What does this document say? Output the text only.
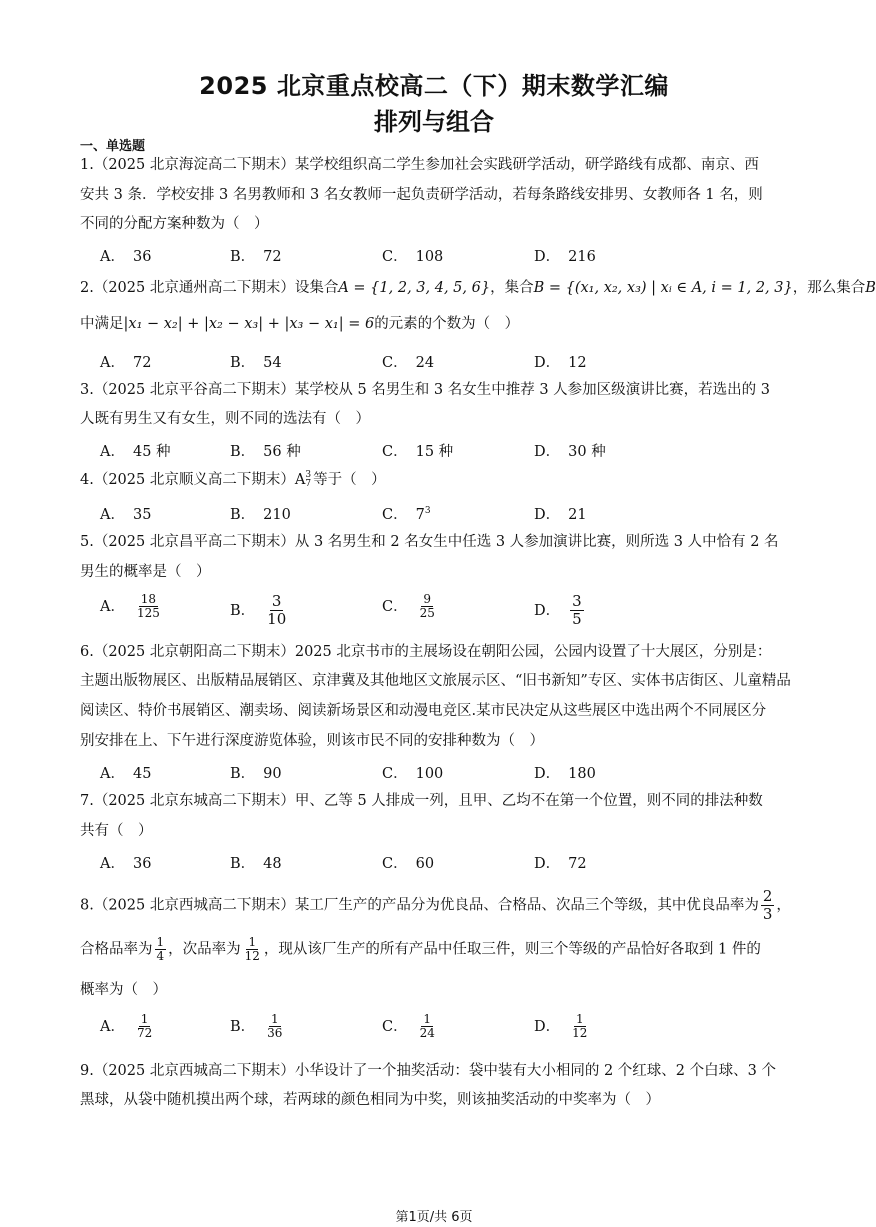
2025 北京重点校高二（下）期末数学汇编
排列与组合
一、单选题
1.（2025 北京海淀高二下期末）某学校组织高二学生参加社会实践研学活动，研学路线有成都、南京、西
安共 3 条．学校安排 3 名男教师和 3 名女教师一起负责研学活动，若每条路线安排男、女教师各 1 名，则
不同的分配方案种数为（　）
A． 36	B． 72	C． 108	D． 216
2.（2025 北京通州高二下期末）设集合A = {1, 2, 3, 4, 5, 6}，集合B = {(x₁, x₂, x₃) | xᵢ ∈ A, i = 1, 2, 3}，那么集合B
中满足|x₁ − x₂| + |x₂ − x₃| + |x₃ − x₁| = 6的元素的个数为（　）
A． 72	B． 54	C． 24	D． 12
3.（2025 北京平谷高二下期末）某学校从 5 名男生和 3 名女生中推荐 3 人参加区级演讲比赛，若选出的 3
人既有男生又有女生，则不同的选法有（　）
A． 45 种	B． 56 种	C． 15 种	D． 30 种
4.（2025 北京顺义高二下期末）A 3
7 等于（　）
A． 35	B． 210	C． $7^3$	D． 21
5.（2025 北京昌平高二下期末）从 3 名男生和 2 名女生中任选 3 人参加演讲比赛，则所选 3 人中恰有 2 名
男生的概率是（　）
A． $\frac{18}{125}$	B． $\frac{3}{10}$	C． $\frac{9}{25}$	D． $\frac{3}{5}$
6.（2025 北京朝阳高二下期末）2025 北京书市的主展场设在朝阳公园，公园内设置了十大展区，分别是：
主题出版物展区、出版精品展销区、京津冀及其他地区文旅展示区、“旧书新知”专区、实体书店街区、儿童精品
阅读区、特价书展销区、潮卖场、阅读新场景区和动漫电竞区.某市民决定从这些展区中选出两个不同展区分
别安排在上、下午进行深度游览体验，则该市民不同的安排种数为（　）
A． 45	B． 90	C． 100	D． 180
7.（2025 北京东城高二下期末）甲、乙等 5 人排成一列，且甲、乙均不在第一个位置，则不同的排法种数
共有（　）
A． 36	B． 48	C． 60	D． 72
8.（2025 北京西城高二下期末）某工厂生产的产品分为优良品、合格品、次品三个等级，其中优良品率为 $\frac{2}{3}$ ，
合格品率为 $\frac{1}{4}$ ，次品率为 $\frac{1}{12}$ ，现从该厂生产的所有产品中任取三件，则三个等级的产品恰好各取到 1 件的
概率为（　）
A． $\frac{1}{72}$	B． $\frac{1}{36}$	C． $\frac{1}{24}$	D． $\frac{1}{12}$
9.（2025 北京西城高二下期末）小华设计了一个抽奖活动：袋中装有大小相同的 2 个红球、2 个白球、3 个
黑球，从袋中随机摸出两个球，若两球的颜色相同为中奖，则该抽奖活动的中奖率为（　）
第1页/共 6页
